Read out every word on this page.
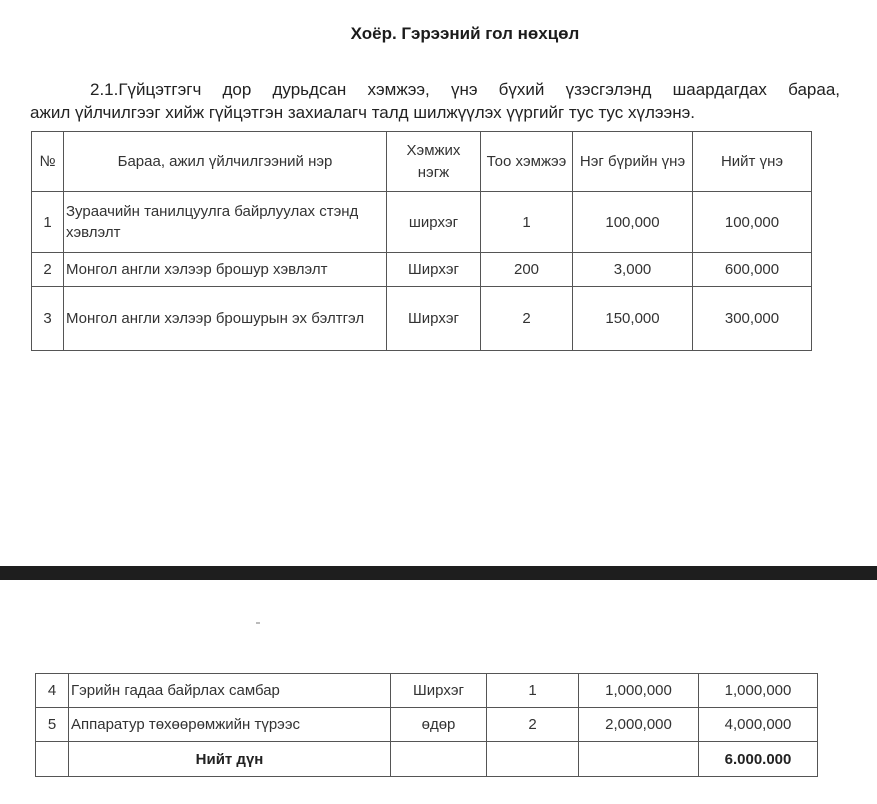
Хоёр. Гэрээний гол нөхцөл
2.1.Гүйцэтгэгч дор дурьдсан хэмжээ, үнэ бүхий үзэсгэлэнд шаардагдах бараа,
ажил үйлчилгээг хийж гүйцэтгэн захиалагч талд шилжүүлэх үүргийг тус тус хүлээнэ.
№	Бараа, ажил үйлчилгээний нэр	Хэмжих нэгж	Тоо хэмжээ	Нэг бүрийн үнэ	Нийт үнэ
1	Зураачийн танилцуулга байрлуулах стэнд хэвлэлт	ширхэг	1	100,000	100,000
2	Монгол англи хэлээр брошур хэвлэлт	Ширхэг	200	3,000	600,000
3	Монгол англи хэлээр брошурын эх бэлтгэл	Ширхэг	2	150,000	300,000
4	Гэрийн гадаа байрлах самбар	Ширхэг	1	1,000,000	1,000,000
5	Аппаратур төхөөрөмжийн түрээс	өдөр	2	2,000,000	4,000,000
	Нийт дүн				6.000.000
